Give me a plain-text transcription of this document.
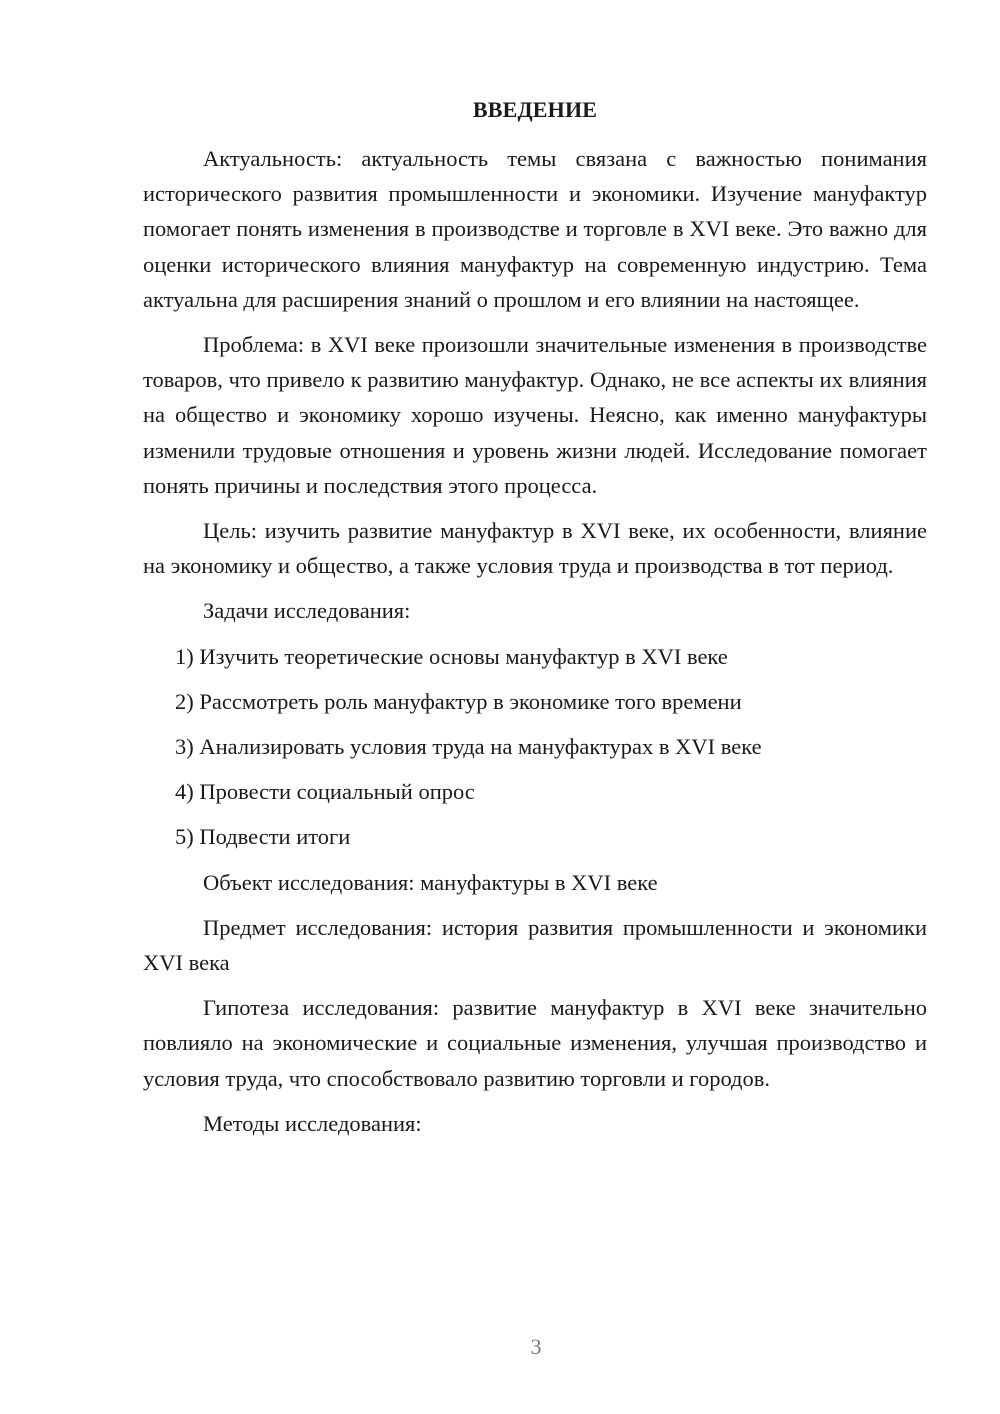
ВВЕДЕНИЕ

Актуальность: актуальность темы связана с важностью понимания исторического развития промышленности и экономики. Изучение мануфактур помогает понять изменения в производстве и торговле в XVI веке. Это важно для оценки исторического влияния мануфактур на современную индустрию. Тема актуальна для расширения знаний о прошлом и его влиянии на настоящее.

Проблема: в XVI веке произошли значительные изменения в производстве товаров, что привело к развитию мануфактур. Однако, не все аспекты их влияния на общество и экономику хорошо изучены. Неясно, как именно мануфактуры изменили трудовые отношения и уровень жизни людей. Исследование помогает понять причины и последствия этого процесса.

Цель: изучить развитие мануфактур в XVI веке, их особенности, влияние на экономику и общество, а также условия труда и производства в тот период.

Задачи исследования:

1) Изучить теоретические основы мануфактур в XVI веке
2) Рассмотреть роль мануфактур в экономике того времени
3) Анализировать условия труда на мануфактурах в XVI веке
4) Провести социальный опрос
5) Подвести итоги

Объект исследования: мануфактуры в XVI веке

Предмет исследования: история развития промышленности и экономики XVI века

Гипотеза исследования: развитие мануфактур в XVI веке значительно повлияло на экономические и социальные изменения, улучшая производство и условия труда, что способствовало развитию торговли и городов.

Методы исследования:

3
